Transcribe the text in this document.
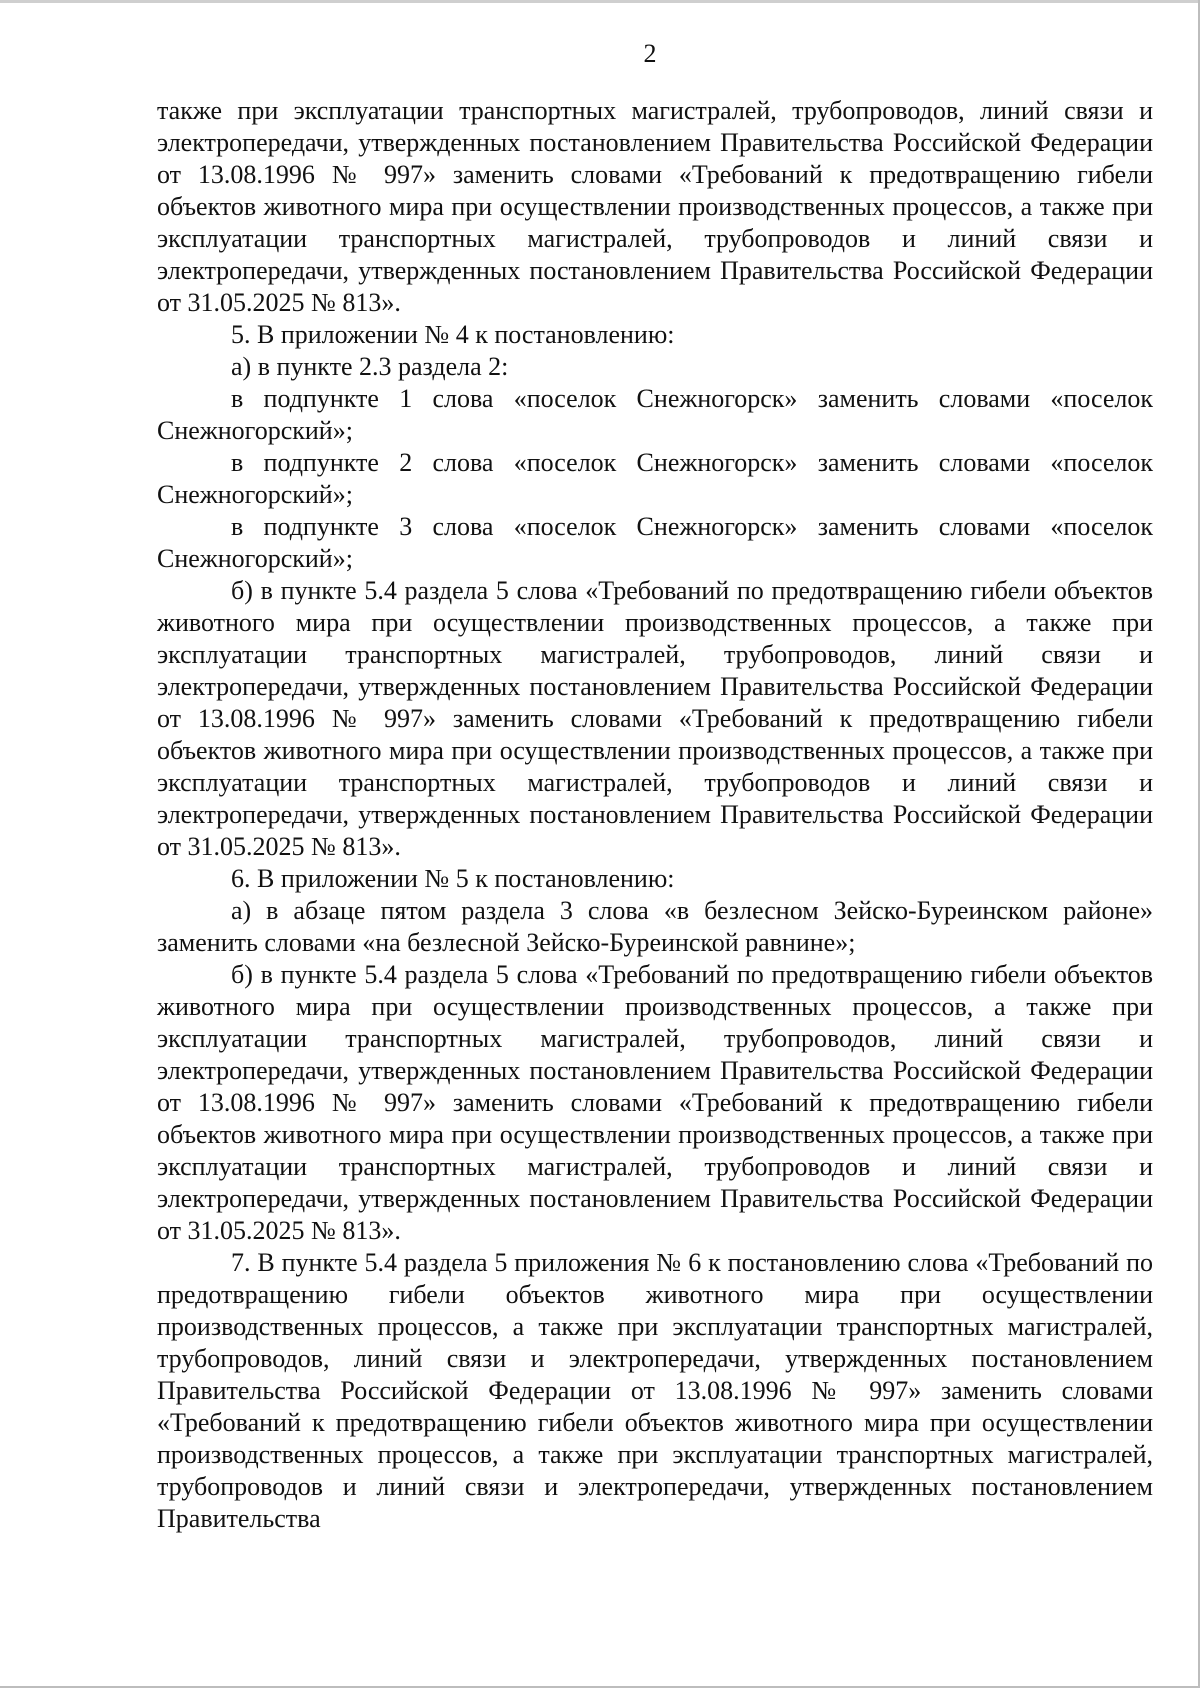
2

также при эксплуатации транспортных магистралей, трубопроводов, линий связи и электропередачи, утвержденных постановлением Правительства Российской Федерации от 13.08.1996 № 997» заменить словами «Требований к предотвращению гибели объектов животного мира при осуществлении производственных процессов, а также при эксплуатации транспортных магистралей, трубопроводов и линий связи и электропередачи, утвержденных постановлением Правительства Российской Федерации от 31.05.2025 № 813».

5. В приложении № 4 к постановлению:

а) в пункте 2.3 раздела 2:

в подпункте 1 слова «поселок Снежногорск» заменить словами «поселок Снежногорский»;

в подпункте 2 слова «поселок Снежногорск» заменить словами «поселок Снежногорский»;

в подпункте 3 слова «поселок Снежногорск» заменить словами «поселок Снежногорский»;

б) в пункте 5.4 раздела 5 слова «Требований по предотвращению гибели объектов животного мира при осуществлении производственных процессов, а также при эксплуатации транспортных магистралей, трубопроводов, линий связи и электропередачи, утвержденных постановлением Правительства Российской Федерации от 13.08.1996 № 997» заменить словами «Требований к предотвращению гибели объектов животного мира при осуществлении производственных процессов, а также при эксплуатации транспортных магистралей, трубопроводов и линий связи и электропередачи, утвержденных постановлением Правительства Российской Федерации от 31.05.2025 № 813».

6. В приложении № 5 к постановлению:

а) в абзаце пятом раздела 3 слова «в безлесном Зейско-Буреинском районе» заменить словами «на безлесной Зейско-Буреинской равнине»;

б) в пункте 5.4 раздела 5 слова «Требований по предотвращению гибели объектов животного мира при осуществлении производственных процессов, а также при эксплуатации транспортных магистралей, трубопроводов, линий связи и электропередачи, утвержденных постановлением Правительства Российской Федерации от 13.08.1996 № 997» заменить словами «Требований к предотвращению гибели объектов животного мира при осуществлении производственных процессов, а также при эксплуатации транспортных магистралей, трубопроводов и линий связи и электропередачи, утвержденных постановлением Правительства Российской Федерации от 31.05.2025 № 813».

7. В пункте 5.4 раздела 5 приложения № 6 к постановлению слова «Требований по предотвращению гибели объектов животного мира при осуществлении производственных процессов, а также при эксплуатации транспортных магистралей, трубопроводов, линий связи и электропередачи, утвержденных постановлением Правительства Российской Федерации от 13.08.1996 № 997» заменить словами «Требований к предотвращению гибели объектов животного мира при осуществлении производственных процессов, а также при эксплуатации транспортных магистралей, трубопроводов и линий связи и электропередачи, утвержденных постановлением Правительства
